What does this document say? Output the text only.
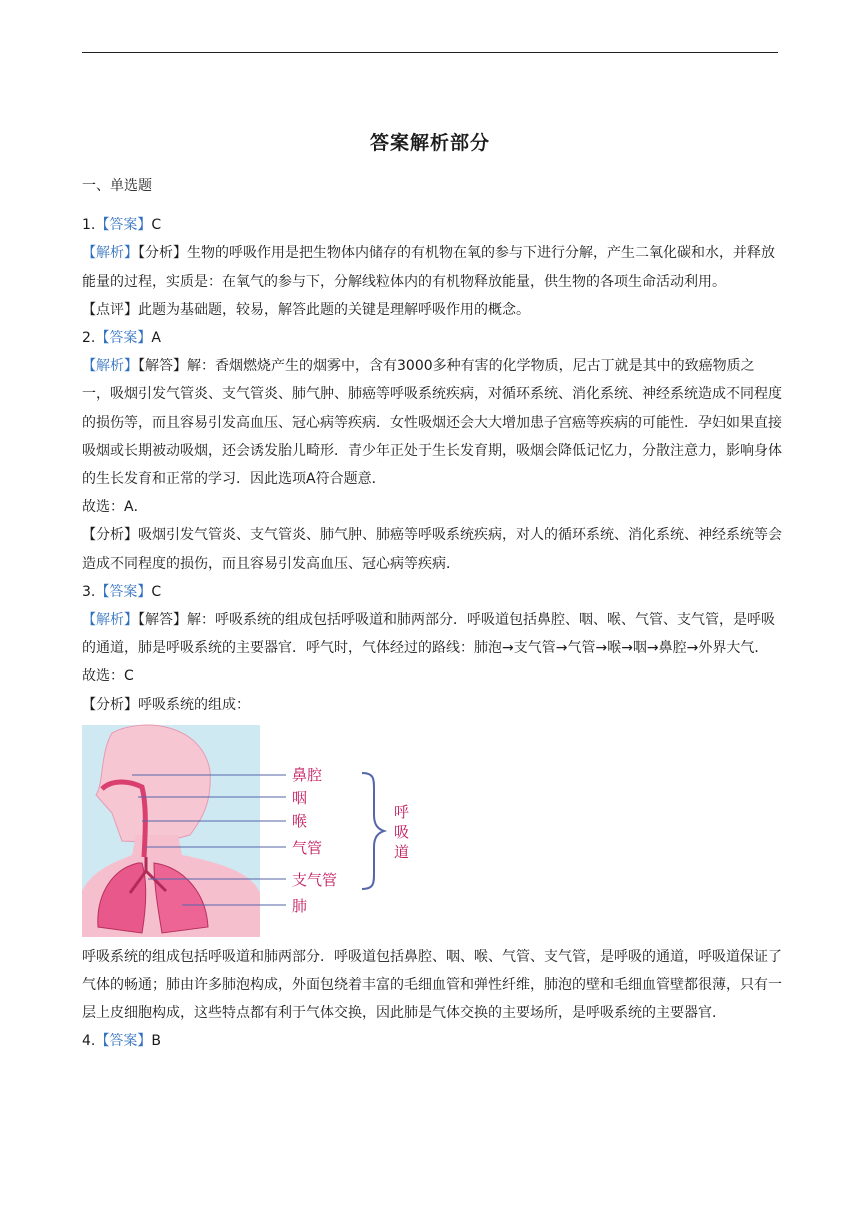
答案解析部分

一、单选题

1.【答案】C

【解析】【分析】生物的呼吸作用是把生物体内储存的有机物在氧的参与下进行分解，产生二氧化碳和水，并释放能量的过程，实质是：在氧气的参与下，分解线粒体内的有机物释放能量，供生物的各项生命活动利用。

【点评】此题为基础题，较易，解答此题的关键是理解呼吸作用的概念。

2.【答案】A

【解析】【解答】解：香烟燃烧产生的烟雾中，含有3000多种有害的化学物质，尼古丁就是其中的致癌物质之一，吸烟引发气管炎、支气管炎、肺气肿、肺癌等呼吸系统疾病，对循环系统、消化系统、神经系统造成不同程度的损伤等，而且容易引发高血压、冠心病等疾病．女性吸烟还会大大增加患子宫癌等疾病的可能性．孕妇如果直接吸烟或长期被动吸烟，还会诱发胎儿畸形．青少年正处于生长发育期，吸烟会降低记忆力，分散注意力，影响身体的生长发育和正常的学习．因此选项A符合题意．

故选：A．

【分析】吸烟引发气管炎、支气管炎、肺气肿、肺癌等呼吸系统疾病，对人的循环系统、消化系统、神经系统等会造成不同程度的损伤，而且容易引发高血压、冠心病等疾病．

3.【答案】C

【解析】【解答】解：呼吸系统的组成包括呼吸道和肺两部分．呼吸道包括鼻腔、咽、喉、气管、支气管，是呼吸的通道，肺是呼吸系统的主要器官．呼气时，气体经过的路线：肺泡→支气管→气管→喉→咽→鼻腔→外界大气．

故选：C

【分析】呼吸系统的组成：

鼻腔
咽
喉
气管
支气管
肺
呼
吸
道

呼吸系统的组成包括呼吸道和肺两部分．呼吸道包括鼻腔、咽、喉、气管、支气管，是呼吸的通道，呼吸道保证了气体的畅通；肺由许多肺泡构成，外面包绕着丰富的毛细血管和弹性纤维，肺泡的壁和毛细血管壁都很薄，只有一层上皮细胞构成，这些特点都有利于气体交换，因此肺是气体交换的主要场所，是呼吸系统的主要器官．

4.【答案】B
